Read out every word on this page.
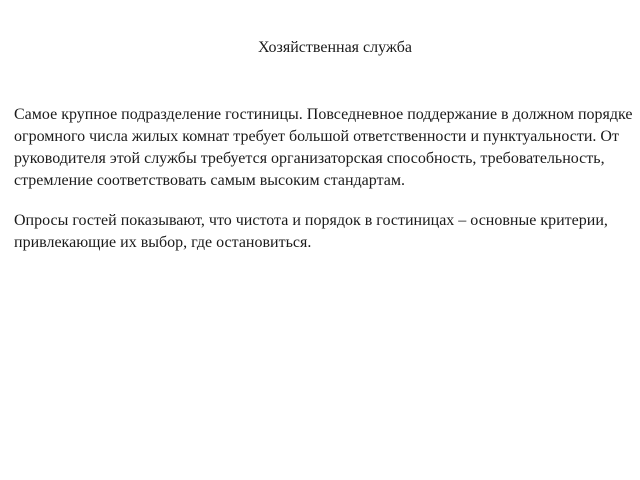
Хозяйственная служба

Самое крупное подразделение гостиницы. Повседневное поддержание в должном порядке огромного числа жилых комнат требует большой ответственности и пунктуальности. От руководителя этой службы требуется организаторская способность, требовательность, стремление соответствовать самым высоким стандартам.

Опросы гостей показывают, что чистота и порядок в гостиницах – основные критерии, привлекающие их выбор, где остановиться.
